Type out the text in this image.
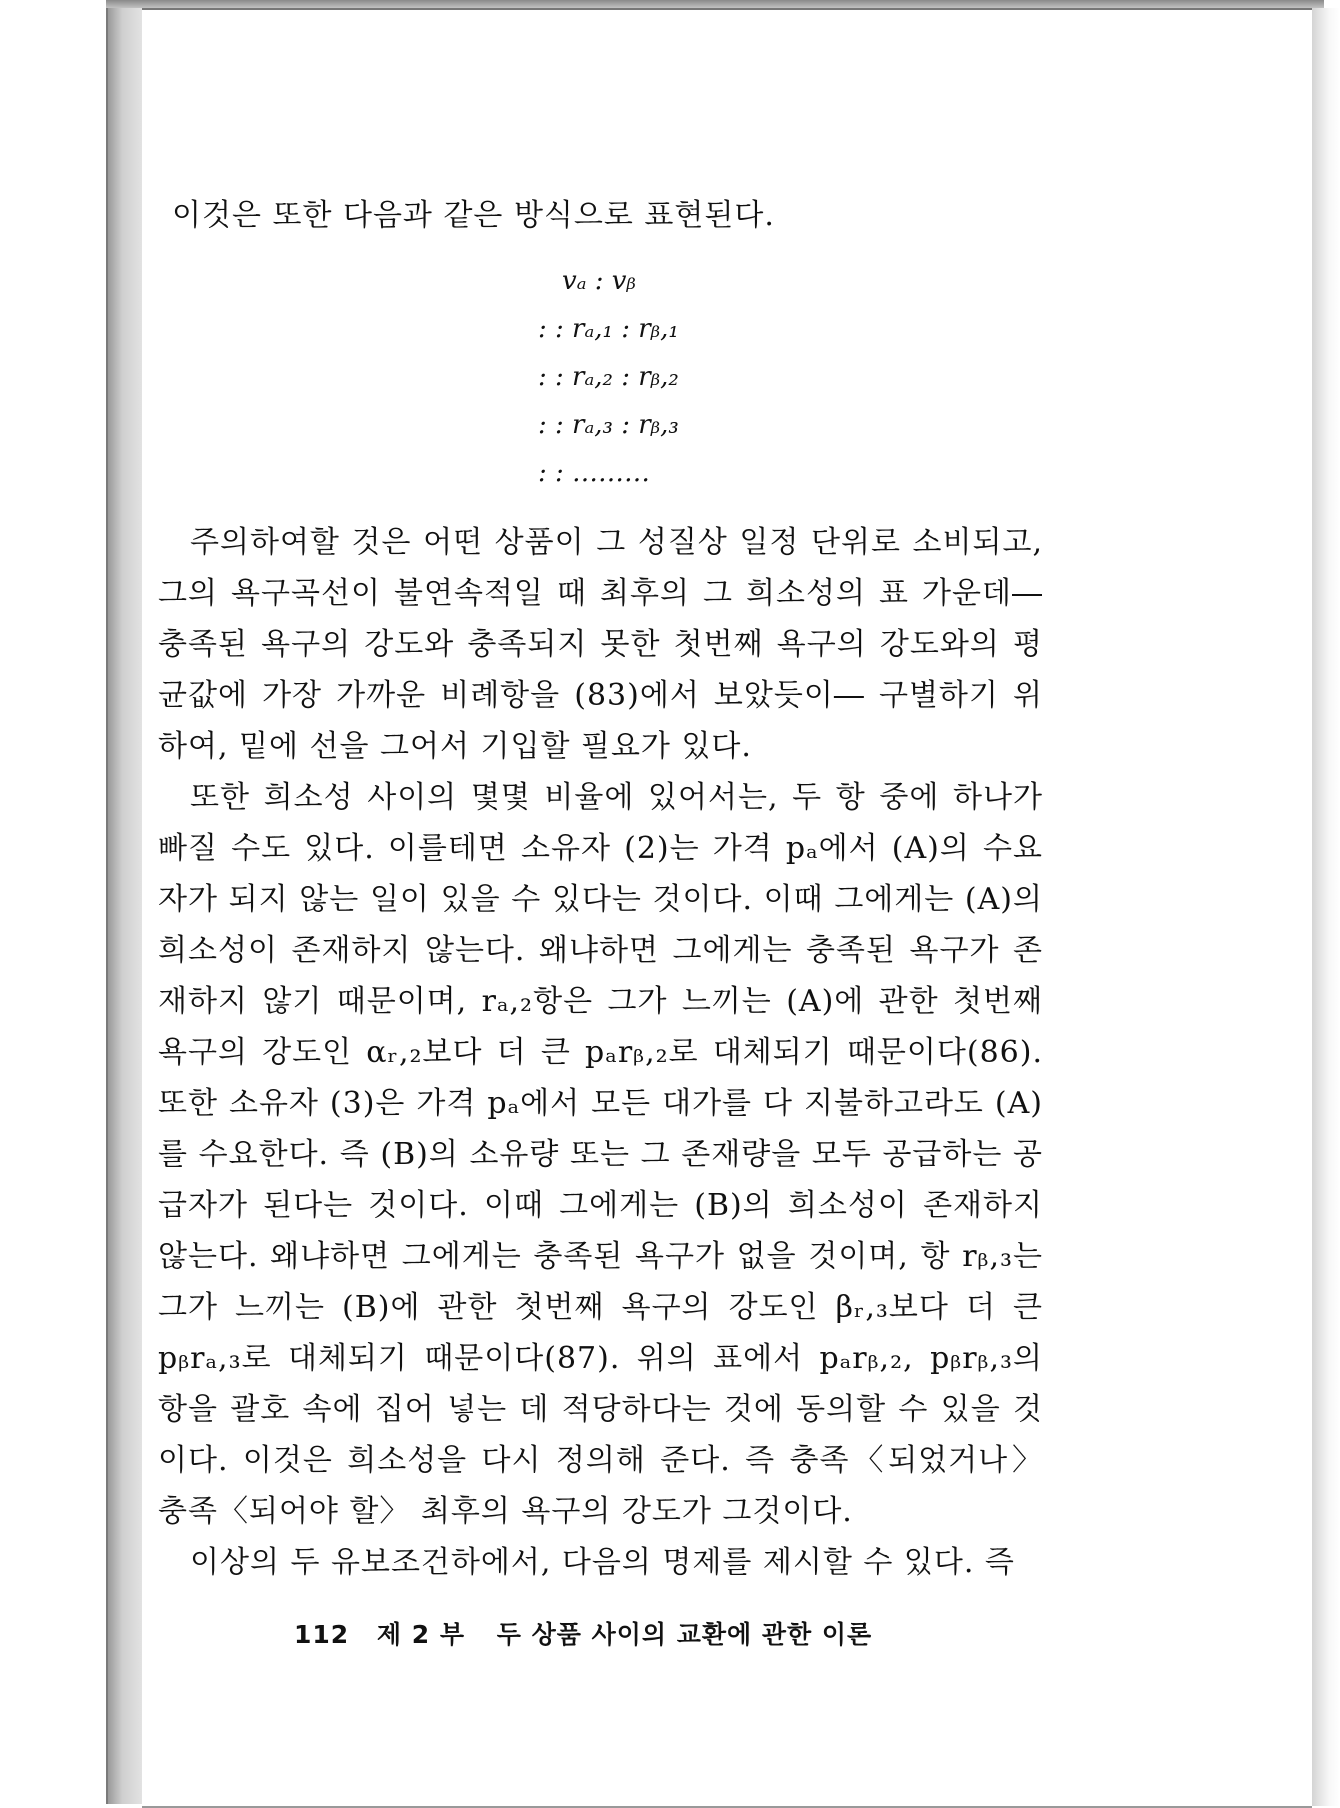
이것은 또한 다음과 같은 방식으로 표현된다.

vₐ : vᵦ
: : rₐ,₁ : rᵦ,₁
: : rₐ,₂ : rᵦ,₂
: : rₐ,₃ : rᵦ,₃
: : ………

주의하여할 것은 어떤 상품이 그 성질상 일정 단위로 소비되고, 그의 욕구곡선이 불연속적일 때 최후의 그 희소성의 표 가운데―충족된 욕구의 강도와 충족되지 못한 첫번째 욕구의 강도와의 평균값에 가장 가까운 비례항을 (83)에서 보았듯이― 구별하기 위하여, 밑에 선을 그어서 기입할 필요가 있다.

또한 희소성 사이의 몇몇 비율에 있어서는, 두 항 중에 하나가 빠질 수도 있다. 이를테면 소유자 (2)는 가격 pₐ에서 (A)의 수요자가 되지 않는 일이 있을 수 있다는 것이다. 이때 그에게는 (A)의 희소성이 존재하지 않는다. 왜냐하면 그에게는 충족된 욕구가 존재하지 않기 때문이며, rₐ,₂항은 그가 느끼는 (A)에 관한 첫번째 욕구의 강도인 αᵣ,₂보다 더 큰 pₐrᵦ,₂로 대체되기 때문이다(86). 또한 소유자 (3)은 가격 pₐ에서 모든 대가를 다 지불하고라도 (A)를 수요한다. 즉 (B)의 소유량 또는 그 존재량을 모두 공급하는 공급자가 된다는 것이다. 이때 그에게는 (B)의 희소성이 존재하지 않는다. 왜냐하면 그에게는 충족된 욕구가 없을 것이며, 항 rᵦ,₃는 그가 느끼는 (B)에 관한 첫번째 욕구의 강도인 βᵣ,₃보다 더 큰 pᵦrₐ,₃로 대체되기 때문이다(87). 위의 표에서 pₐrᵦ,₂, pᵦrᵦ,₃의 항을 괄호 속에 집어 넣는 데 적당하다는 것에 동의할 수 있을 것이다. 이것은 희소성을 다시 정의해 준다. 즉 충족〈되었거나〉 충족〈되어야 할〉 최후의 욕구의 강도가 그것이다.

이상의 두 유보조건하에서, 다음의 명제를 제시할 수 있다. 즉

112 제 2 부 두 상품 사이의 교환에 관한 이론
